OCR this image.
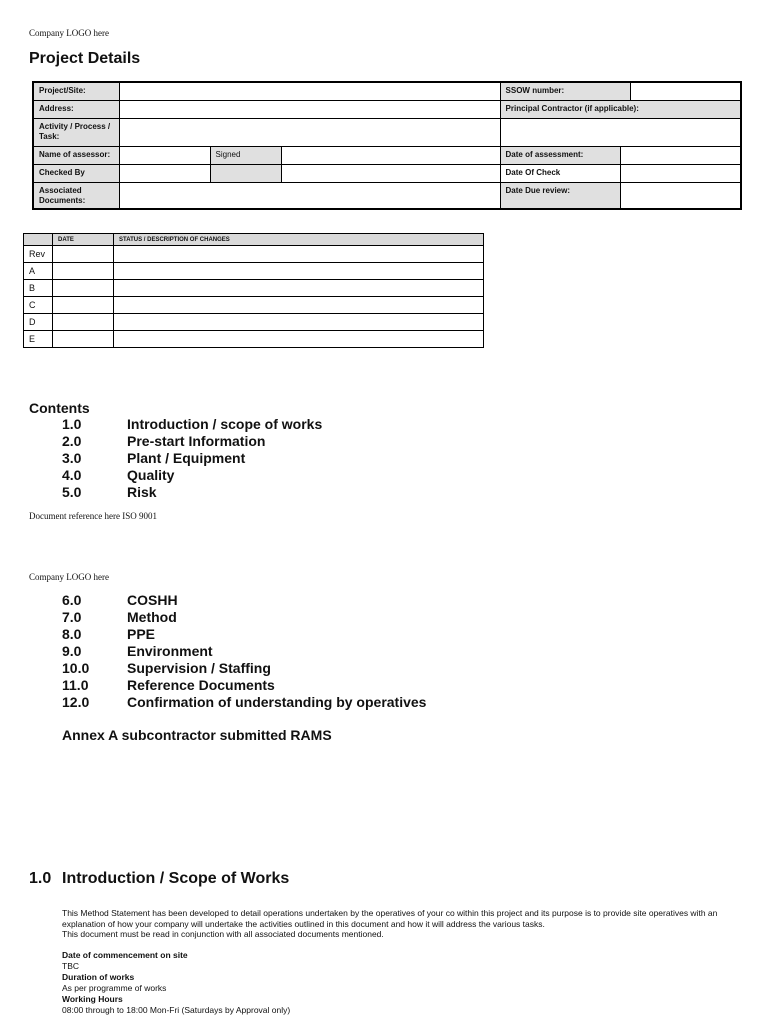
Company LOGO here
Project Details
Project/Site:				SSOW number:		
Address:				Principal Contractor (if applicable):		
Activity / Process / Task:						
Name of assessor:		Signed		Date of assessment:		
Checked By				Date Of Check		
Associated Documents:				Date Due review:		
	DATE	STATUS / DESCRIPTION OF CHANGES
Rev		
A		
B		
C		
D		
E		
Contents
1.0	Introduction / scope of works
2.0	Pre-start Information
3.0	Plant / Equipment
4.0	Quality
5.0	Risk
Document reference here ISO 9001
Company LOGO here
6.0	COSHH
7.0	Method
8.0	PPE
9.0	Environment
10.0	Supervision / Staffing
11.0	Reference Documents
12.0	Confirmation of understanding by operatives
Annex A subcontractor submitted RAMS
1.0 Introduction / Scope of Works

This Method Statement has been developed to detail operations undertaken by the operatives of your co within this project and its purpose is to provide site operatives with an explanation of how your company will undertake the activities outlined in this document and how it will address the various tasks.

This document must be read in conjunction with all associated documents mentioned.

Date of commencement on site
TBC
Duration of works
As per programme of works
Working Hours
08:00 through to 18:00 Mon-Fri (Saturdays by Approval only)
